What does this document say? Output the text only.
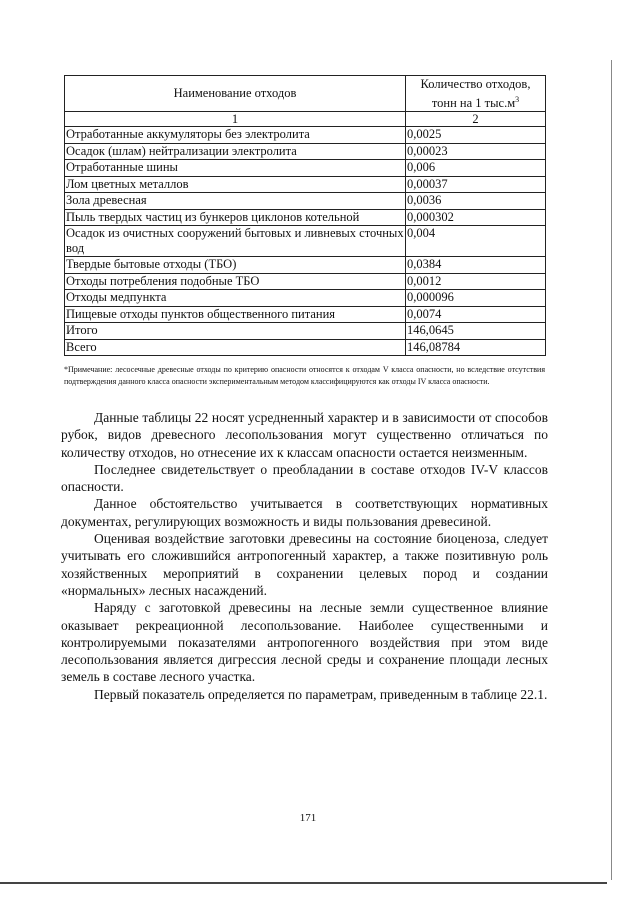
Наименование отходов	Количество отходов,
тонн на 1 $тыс.м^3$
1	2
Отработанные аккумуляторы без электролита	0,0025
Осадок (шлам) нейтрализации электролита	0,00023
Отработанные шины	0,006
Лом цветных металлов	0,00037
Зола древесная	0,0036
Пыль твердых частиц из бункеров циклонов котельной	0,000302
Осадок из очистных сооружений бытовых и ливневых сточных вод	0,004
Твердые бытовые отходы (ТБО)	0,0384
Отходы потребления подобные ТБО	0,0012
Отходы медпункта	0,000096
Пищевые отходы пунктов общественного питания	0,0074
Итого	146,0645
Всего	146,08784
*Примечание: лесосечные древесные отходы по критерию опасности относятся к отходам V класса опасности, но вследствие отсутствия подтверждения данного класса опасности экспериментальным методом классифицируются как отходы IV класса опасности.

Данные таблицы 22 носят усредненный характер и в зависимости от способов рубок, видов древесного лесопользования могут существенно отличаться по количеству отходов, но отнесение их к классам опасности остается неизменным.

Последнее свидетельствует о преобладании в составе отходов IV-V классов опасности.

Данное обстоятельство учитывается в соответствующих нормативных документах, регулирующих возможность и виды пользования древесиной.

Оценивая воздействие заготовки древесины на состояние биоценоза, следует учитывать его сложившийся антропогенный характер, а также позитивную роль хозяйственных мероприятий в сохранении целевых пород и создании «нормальных» лесных насаждений.

Наряду с заготовкой древесины на лесные земли существенное влияние оказывает рекреационной лесопользование. Наиболее существенными и контролируемыми показателями антропогенного воздействия при этом виде лесопользования является дигрессия лесной среды и сохранение площади лесных земель в составе лесного участка.

Первый показатель определяется по параметрам, приведенным в таблице 22.1.

171
